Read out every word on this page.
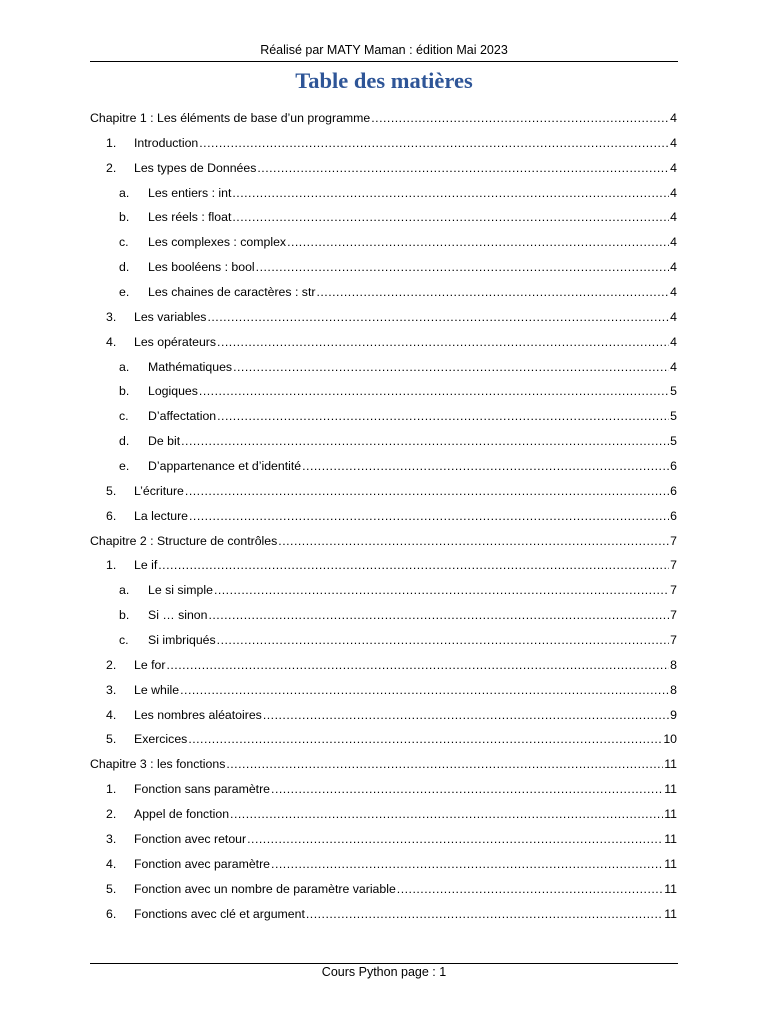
Réalisé par MATY Maman : édition Mai 2023
Table des matières
Chapitre 1 : Les éléments de base d’un programme .....	4
1.	Introduction .....	4
2.	Les types de Données .....	4
a.	Les entiers : int .....	4
b.	Les réels : float .....	4
c.	Les complexes : complex .....	4
d.	Les booléens : bool .....	4
e.	Les chaines de caractères : str .....	4
3.	Les variables .....	4
4.	Les opérateurs .....	4
a.	Mathématiques .....	4
b.	Logiques .....	5
c.	D’affectation .....	5
d.	De bit .....	5
e.	D’appartenance et d’identité .....	6
5.	L’écriture .....	6
6.	La lecture .....	6
Chapitre 2 : Structure de contrôles .....	7
1.	Le if .....	7
a.	Le si simple .....	7
b.	Si … sinon .....	7
c.	Si imbriqués .....	7
2.	Le for .....	8
3.	Le while .....	8
4.	Les nombres aléatoires .....	9
5.	Exercices .....	10
Chapitre 3 : les fonctions .....	11
1.	Fonction sans paramètre .....	11
2.	Appel de fonction .....	11
3.	Fonction avec retour .....	11
4.	Fonction avec paramètre .....	11
5.	Fonction avec un nombre de paramètre variable .....	11
6.	Fonctions avec clé et argument .....	11
Cours Python page : 1
